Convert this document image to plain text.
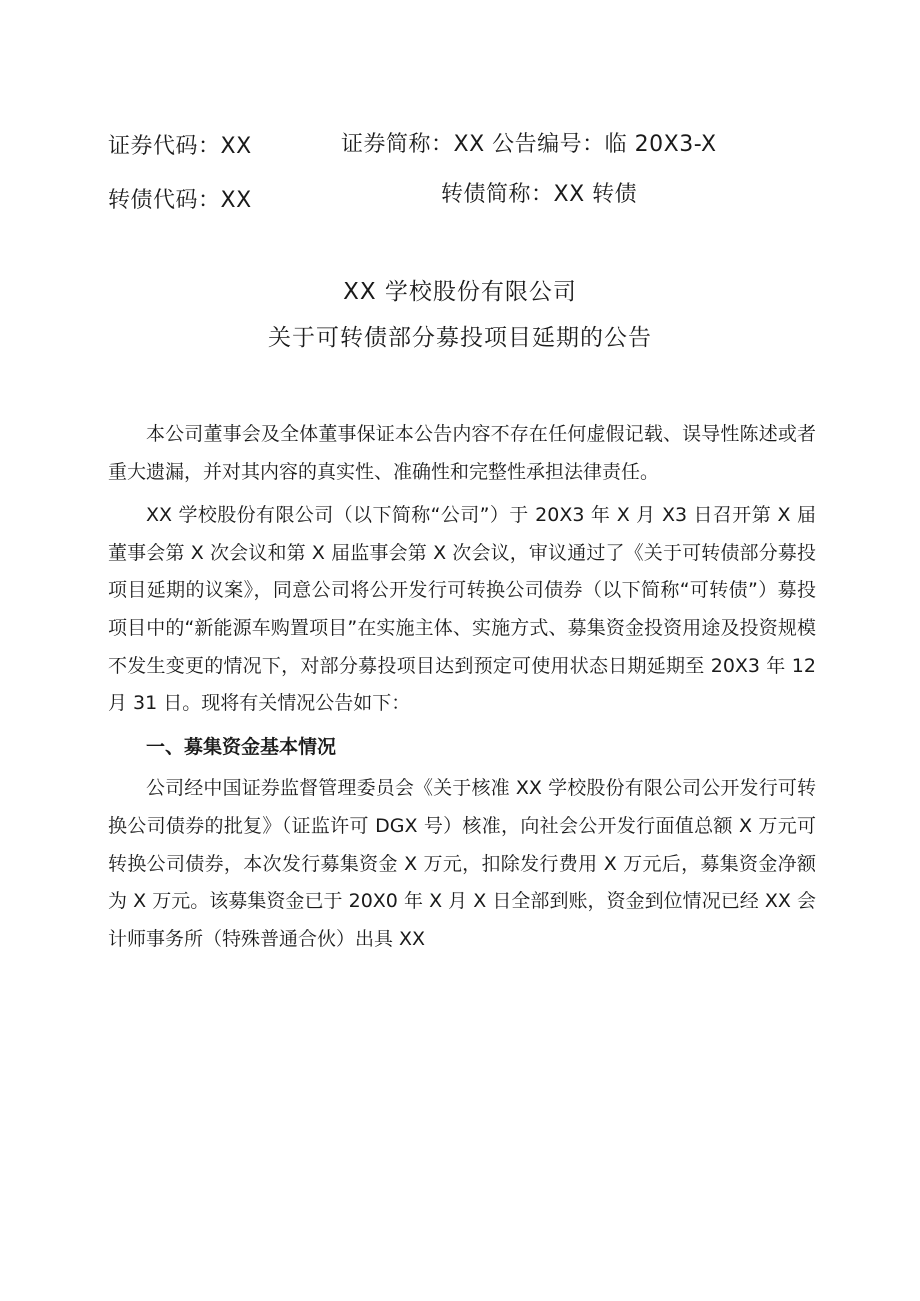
证券代码：XX	证券简称：XX 公告编号：临 20X3-X
转债代码：XX	转债简称：XX 转债
XX 学校股份有限公司
关于可转债部分募投项目延期的公告

本公司董事会及全体董事保证本公告内容不存在任何虚假记载、误导性陈述或者重大遗漏，并对其内容的真实性、准确性和完整性承担法律责任。

XX 学校股份有限公司（以下简称“公司”）于 20X3 年 X 月 X3 日召开第 X 届董事会第 X 次会议和第 X 届监事会第 X 次会议，审议通过了《关于可转债部分募投项目延期的议案》，同意公司将公开发行可转换公司债券（以下简称“可转债”）募投项目中的“新能源车购置项目”在实施主体、实施方式、募集资金投资用途及投资规模不发生变更的情况下，对部分募投项目达到预定可使用状态日期延期至 20X3 年 12 月 31 日。现将有关情况公告如下：

一、募集资金基本情况

公司经中国证券监督管理委员会《关于核准 XX 学校股份有限公司公开发行可转换公司债券的批复》（证监许可 DGX 号）核准，向社会公开发行面值总额 X 万元可转换公司债券，本次发行募集资金 X 万元，扣除发行费用 X 万元后，募集资金净额为 X 万元。该募集资金已于 20X0 年 X 月 X 日全部到账，资金到位情况已经 XX 会计师事务所（特殊普通合伙）出具 XX
